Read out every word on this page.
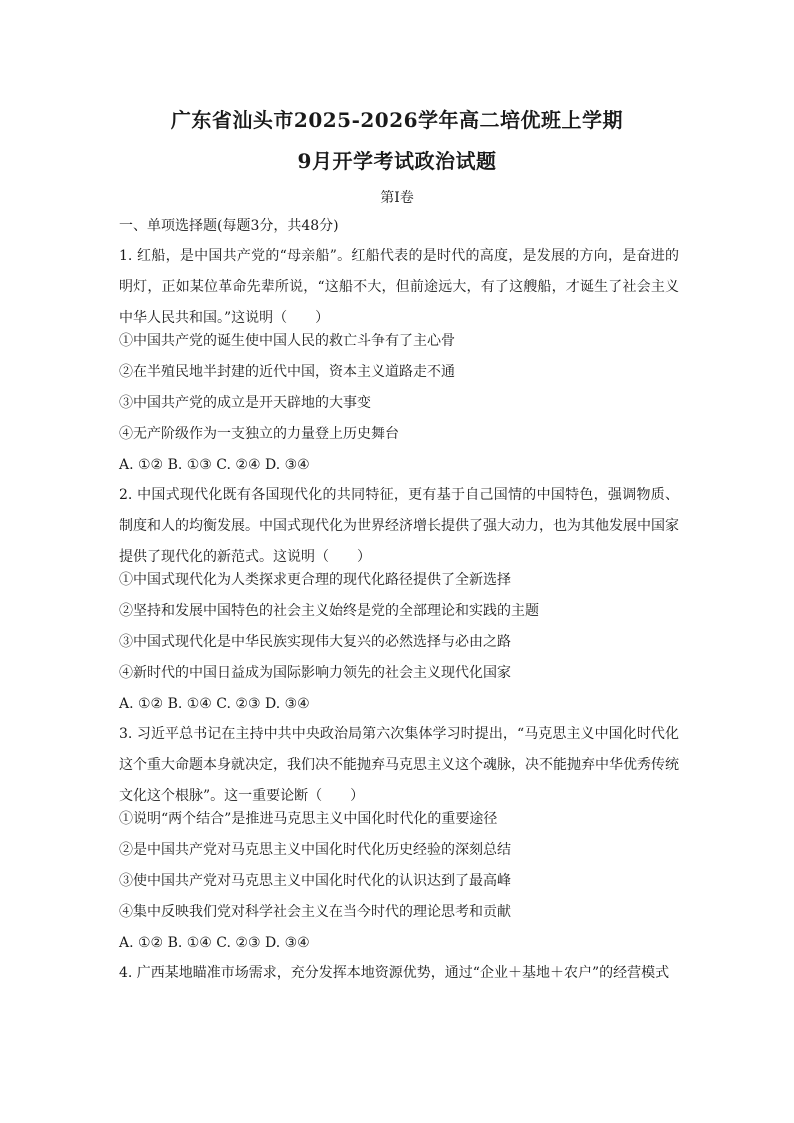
广东省汕头市2025-2026学年高二培优班上学期
9月开学考试政治试题
第Ⅰ卷

一、单项选择题(每题3分，共48分)

1. 红船，是中国共产党的“母亲船”。红船代表的是时代的高度，是发展的方向，是奋进的明灯，正如某位革命先辈所说，“这船不大，但前途远大，有了这艘船，才诞生了社会主义中华人民共和国。”这说明（　　）

①中国共产党的诞生使中国人民的救亡斗争有了主心骨

②在半殖民地半封建的近代中国，资本主义道路走不通

③中国共产党的成立是开天辟地的大事变

④无产阶级作为一支独立的力量登上历史舞台

A. ①② B. ①③ C. ②④ D. ③④

2. 中国式现代化既有各国现代化的共同特征，更有基于自己国情的中国特色，强调物质、制度和人的均衡发展。中国式现代化为世界经济增长提供了强大动力，也为其他发展中国家提供了现代化的新范式。这说明（　　）

①中国式现代化为人类探求更合理的现代化路径提供了全新选择

②坚持和发展中国特色的社会主义始终是党的全部理论和实践的主题

③中国式现代化是中华民族实现伟大复兴的必然选择与必由之路

④新时代的中国日益成为国际影响力领先的社会主义现代化国家

A. ①② B. ①④ C. ②③ D. ③④

3. 习近平总书记在主持中共中央政治局第六次集体学习时提出，“马克思主义中国化时代化这个重大命题本身就决定，我们决不能抛弃马克思主义这个魂脉，决不能抛弃中华优秀传统文化这个根脉”。这一重要论断（　　）

①说明“两个结合”是推进马克思主义中国化时代化的重要途径

②是中国共产党对马克思主义中国化时代化历史经验的深刻总结

③使中国共产党对马克思主义中国化时代化的认识达到了最高峰

④集中反映我们党对科学社会主义在当今时代的理论思考和贡献

A. ①② B. ①④ C. ②③ D. ③④

4. 广西某地瞄准市场需求，充分发挥本地资源优势，通过“企业＋基地＋农户”的经营模式
